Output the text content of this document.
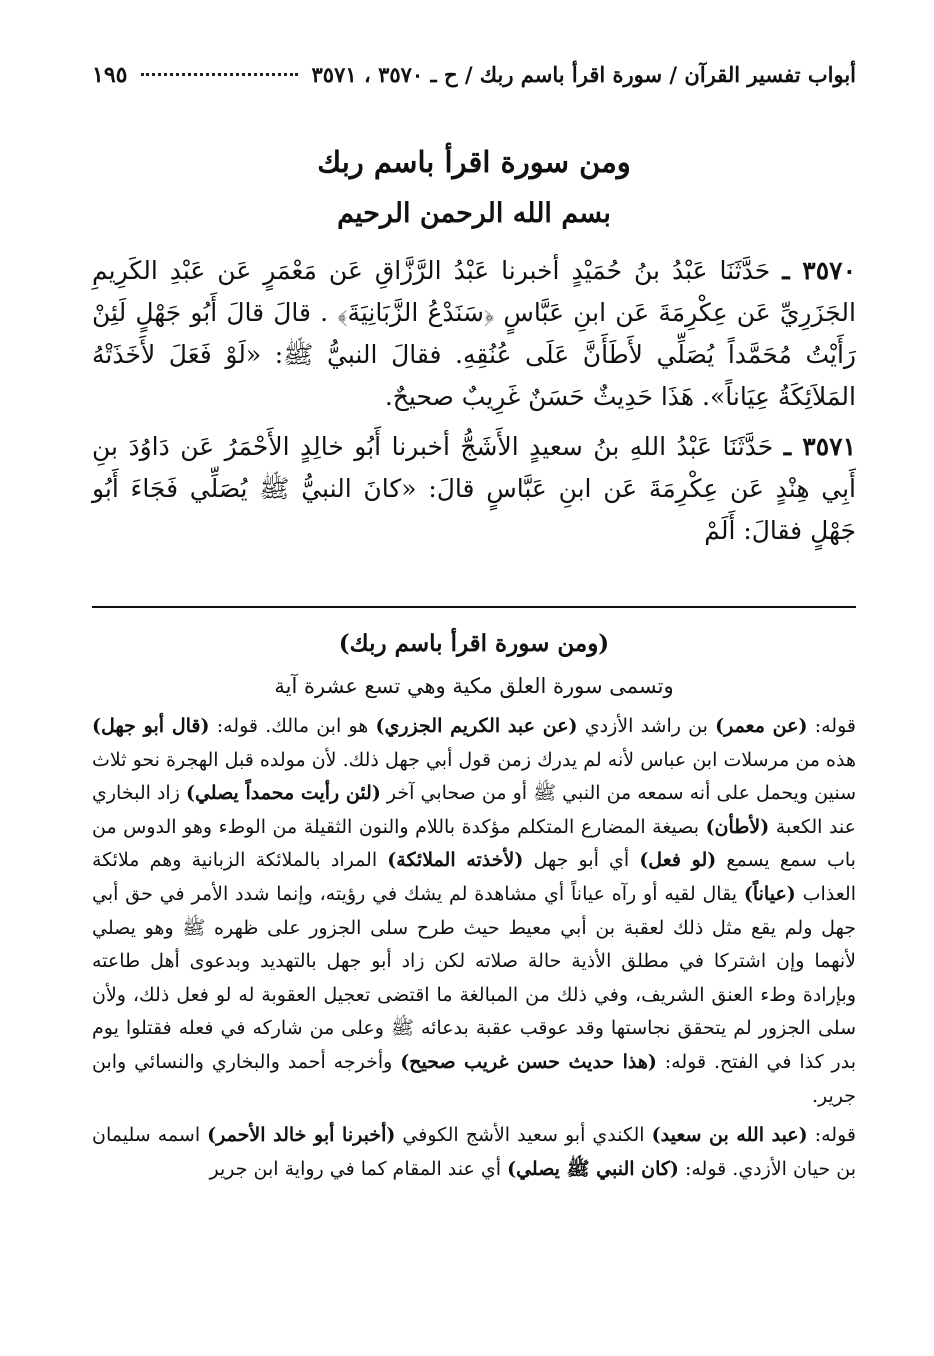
أبواب تفسير القرآن / سورة اقرأ باسم ربك / ح ـ ٣٥٧٠ ، ٣٥٧١
١٩٥
ومن سورة اقرأ باسم ربك
بسم الله الرحمن الرحيم

٣٥٧٠ ـ حَدَّثَنَا عَبْدُ بنُ حُمَيْدٍ أخبرنا عَبْدُ الرَّزَّاقِ عَن مَعْمَرٍ عَن عَبْدِ الكَرِيمِ الجَزَرِيِّ عَن عِكْرِمَةَ عَن ابنِ عَبَّاسٍ ﴿سَنَدْعُ الزَّبَانِيَةَ﴾ . قالَ قالَ أَبُو جَهْلٍ لَئِنْ رَأَيْتُ مُحَمَّداً يُصَلِّي لأَطَأَنَّ عَلَى عُنُقِهِ. فقالَ النبيُّ ﷺ: «لَوْ فَعَلَ لأَخَذَتْهُ المَلاَئِكَةُ عِيَاناً». هَذَا حَدِيثٌ حَسَنٌ غَرِيبٌ صحيحٌ.

٣٥٧١ ـ حَدَّثَنَا عَبْدُ اللهِ بنُ سعيدٍ الأَشَجُّ أخبرنا أَبُو خالِدٍ الأَحْمَرُ عَن دَاوُدَ بنِ أَبِي هِنْدٍ عَن عِكْرِمَةَ عَن ابنِ عَبَّاسٍ قالَ: «كانَ النبيُّ ﷺ يُصَلِّي فَجَاءَ أَبُو جَهْلٍ فقالَ: أَلَمْ

(ومن سورة اقرأ باسم ربك)
وتسمى سورة العلق مكية وهي تسع عشرة آية

قوله: (عن معمر) بن راشد الأزدي (عن عبد الكريم الجزري) هو ابن مالك. قوله: (قال أبو جهل) هذه من مرسلات ابن عباس لأنه لم يدرك زمن قول أبي جهل ذلك. لأن مولده قبل الهجرة نحو ثلاث سنين ويحمل على أنه سمعه من النبي ﷺ أو من صحابي آخر (لئن رأيت محمداً يصلي) زاد البخاري عند الكعبة (لأطأن) بصيغة المضارع المتكلم مؤكدة باللام والنون الثقيلة من الوطء وهو الدوس من باب سمع يسمع (لو فعل) أي أبو جهل (لأخذته الملائكة) المراد بالملائكة الزبانية وهم ملائكة العذاب (عياناً) يقال لقيه أو رآه عياناً أي مشاهدة لم يشك في رؤيته، وإنما شدد الأمر في حق أبي جهل ولم يقع مثل ذلك لعقبة بن أبي معيط حيث طرح سلى الجزور على ظهره ﷺ وهو يصلي لأنهما وإن اشتركا في مطلق الأذية حالة صلاته لكن زاد أبو جهل بالتهديد وبدعوى أهل طاعته وبإرادة وطء العنق الشريف، وفي ذلك من المبالغة ما اقتضى تعجيل العقوبة له لو فعل ذلك، ولأن سلى الجزور لم يتحقق نجاستها وقد عوقب عقبة بدعائه ﷺ وعلى من شاركه في فعله فقتلوا يوم بدر كذا في الفتح. قوله: (هذا حديث حسن غريب صحيح) وأخرجه أحمد والبخاري والنسائي وابن جرير.

قوله: (عبد الله بن سعيد) الكندي أبو سعيد الأشج الكوفي (أخبرنا أبو خالد الأحمر) اسمه سليمان بن حيان الأزدي. قوله: (كان النبي ﷺ يصلي) أي عند المقام كما في رواية ابن جرير
